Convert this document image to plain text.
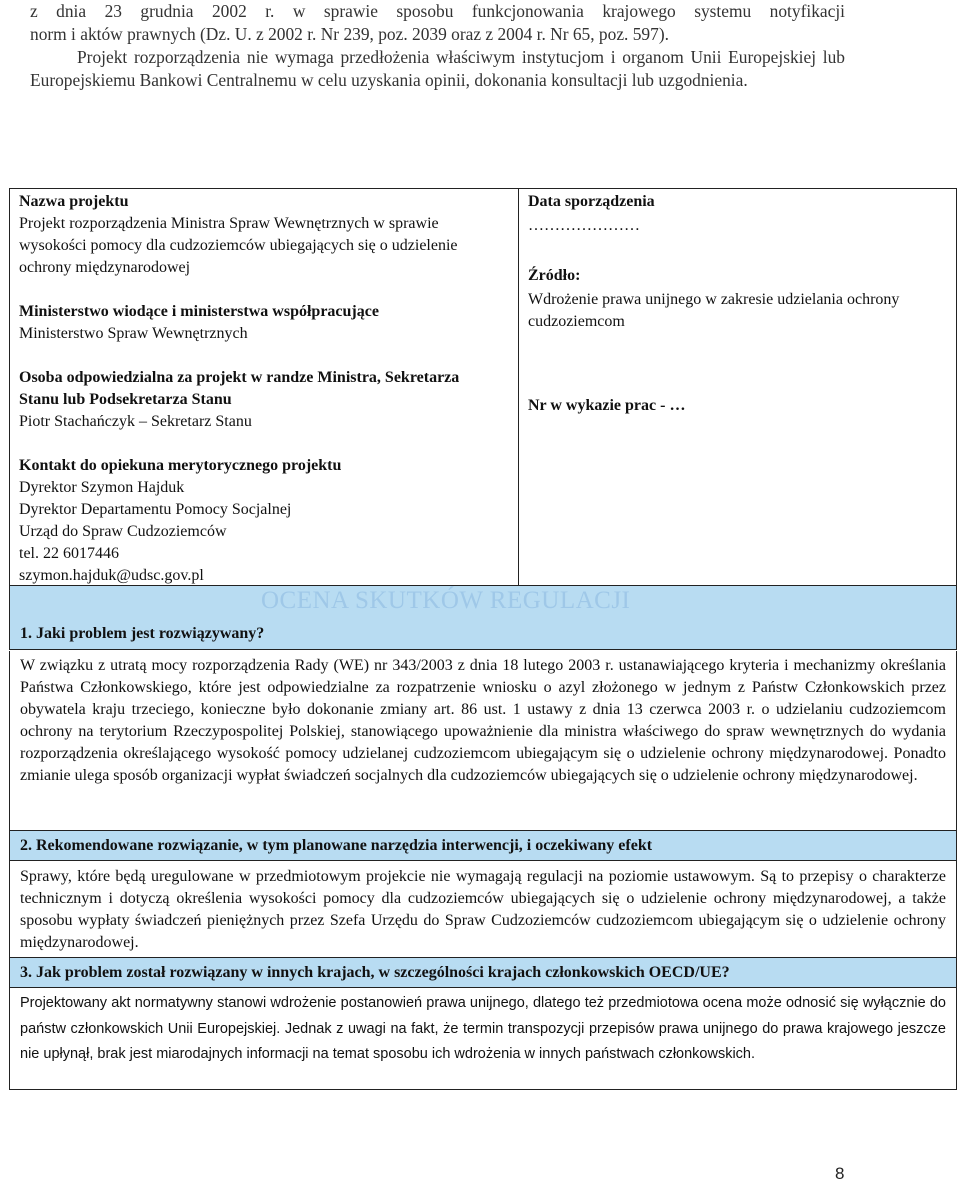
z dnia 23 grudnia 2002 r. w sprawie sposobu funkcjonowania krajowego systemu notyfikacji

norm i aktów prawnych (Dz. U. z 2002 r. Nr 239, poz. 2039 oraz z 2004 r. Nr 65, poz. 597).

Projekt rozporządzenia nie wymaga przedłożenia właściwym instytucjom i organom Unii Europejskiej lub Europejskiemu Bankowi Centralnemu w celu uzyskania opinii, dokonania konsultacji lub uzgodnienia.

Nazwa projektu
Projekt rozporządzenia Ministra Spraw Wewnętrznych w sprawie wysokości pomocy dla cudzoziemców ubiegających się o udzielenie ochrony międzynarodowej
Ministerstwo wiodące i ministerstwa współpracujące
Ministerstwo Spraw Wewnętrznych
Osoba odpowiedzialna za projekt w randze Ministra, Sekretarza Stanu lub Podsekretarza Stanu
Piotr Stachańczyk – Sekretarz Stanu
Kontakt do opiekuna merytorycznego projektu
Dyrektor Szymon Hajduk
Dyrektor Departamentu Pomocy Socjalnej
Urząd do Spraw Cudzoziemców
tel. 22 6017446
szymon.hajduk@udsc.gov.pl
Data sporządzenia
…………………
Źródło:
Wdrożenie prawa unijnego w zakresie udzielania ochrony cudzoziemcom
Nr w wykazie prac - …
OCENA SKUTKÓW REGULACJI
1. Jaki problem jest rozwiązywany?
W związku z utratą mocy rozporządzenia Rady (WE) nr 343/2003 z dnia 18 lutego 2003 r. ustanawiającego kryteria i mechanizmy określania Państwa Członkowskiego, które jest odpowiedzialne za rozpatrzenie wniosku o azyl złożonego w jednym z Państw Członkowskich przez obywatela kraju trzeciego, konieczne było dokonanie zmiany art. 86 ust. 1 ustawy z dnia 13 czerwca 2003 r. o udzielaniu cudzoziemcom ochrony na terytorium Rzeczypospolitej Polskiej, stanowiącego upoważnienie dla ministra właściwego do spraw wewnętrznych do wydania rozporządzenia określającego wysokość pomocy udzielanej cudzoziemcom ubiegającym się o udzielenie ochrony międzynarodowej. Ponadto zmianie ulega sposób organizacji wypłat świadczeń socjalnych dla cudzoziemców ubiegających się o udzielenie ochrony międzynarodowej.
2. Rekomendowane rozwiązanie, w tym planowane narzędzia interwencji, i oczekiwany efekt
Sprawy, które będą uregulowane w przedmiotowym projekcie nie wymagają regulacji na poziomie ustawowym. Są to przepisy o charakterze technicznym i dotyczą określenia wysokości pomocy dla cudzoziemców ubiegających się o udzielenie ochrony międzynarodowej, a także sposobu wypłaty świadczeń pieniężnych przez Szefa Urzędu do Spraw Cudzoziemców cudzoziemcom ubiegającym się o udzielenie ochrony międzynarodowej.
3. Jak problem został rozwiązany w innych krajach, w szczególności krajach członkowskich OECD/UE?
Projektowany akt normatywny stanowi wdrożenie postanowień prawa unijnego, dlatego też przedmiotowa ocena może odnosić się wyłącznie do państw członkowskich Unii Europejskiej. Jednak z uwagi na fakt, że termin transpozycji przepisów prawa unijnego do prawa krajowego jeszcze nie upłynął, brak jest miarodajnych informacji na temat sposobu ich wdrożenia w innych państwach członkowskich.
8
